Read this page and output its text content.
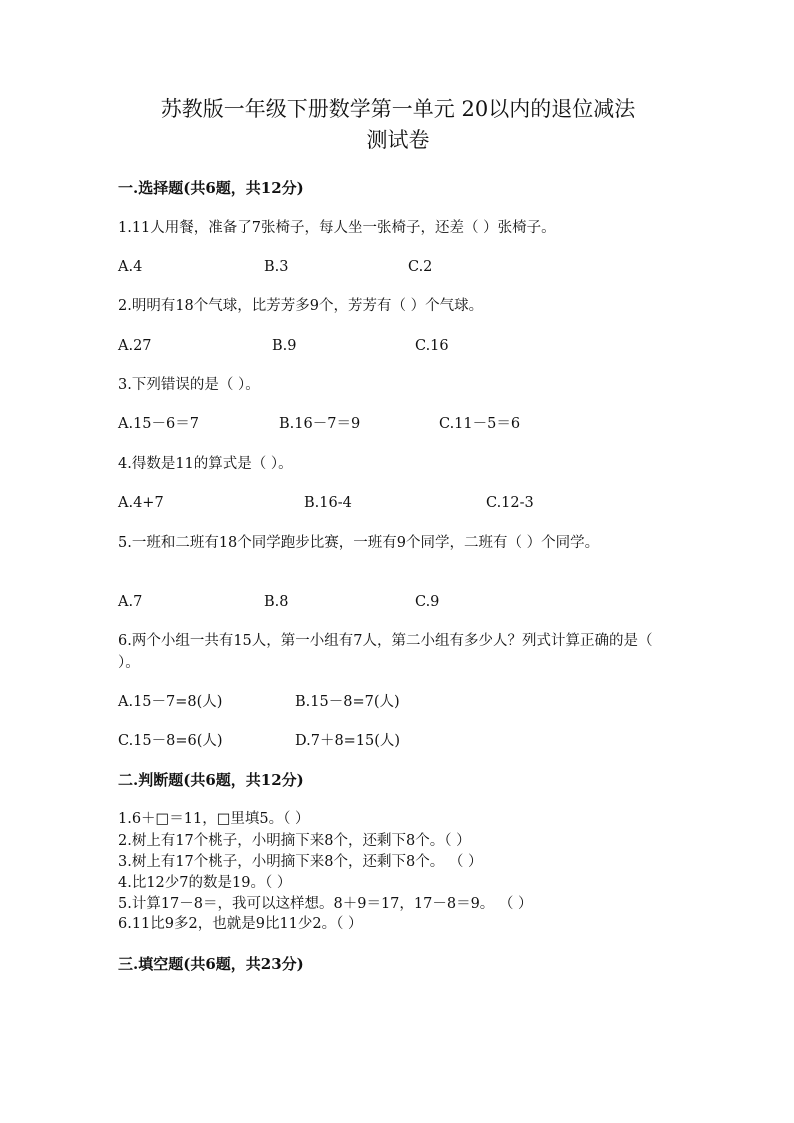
苏教版一年级下册数学第一单元 20以内的退位减法
测试卷
一.选择题(共6题，共12分)
1.11人用餐，准备了7张椅子，每人坐一张椅子，还差（ ）张椅子。
A.4	B.3	C.2
2.明明有18个气球，比芳芳多9个，芳芳有（ ）个气球。
A.27	B.9	C.16
3.下列错误的是（ ）。
A.15－6＝7	B.16－7＝9	C.11－5＝6
4.得数是11的算式是（ ）。
A.4+7	B.16-4	C.12-3
5.一班和二班有18个同学跑步比赛，一班有9个同学，二班有（ ）个同学。
A.7	B.8	C.9
6.两个小组一共有15人，第一小组有7人，第二小组有多少人？列式计算正确的是（ ）。
A.15－7=8(人)	B.15－8=7(人)
C.15－8=6(人)	D.7＋8=15(人)
二.判断题(共6题，共12分)
1.6＋□＝11，□里填5。（ ）
2.树上有17个桃子，小明摘下来8个，还剩下8个。（ ）
3.树上有17个桃子，小明摘下来8个，还剩下8个。 （ ）
4.比12少7的数是19。（ ）
5.计算17－8＝，我可以这样想。8＋9＝17，17－8＝9。 （ ）
6.11比9多2，也就是9比11少2。（ ）
三.填空题(共6题，共23分)
